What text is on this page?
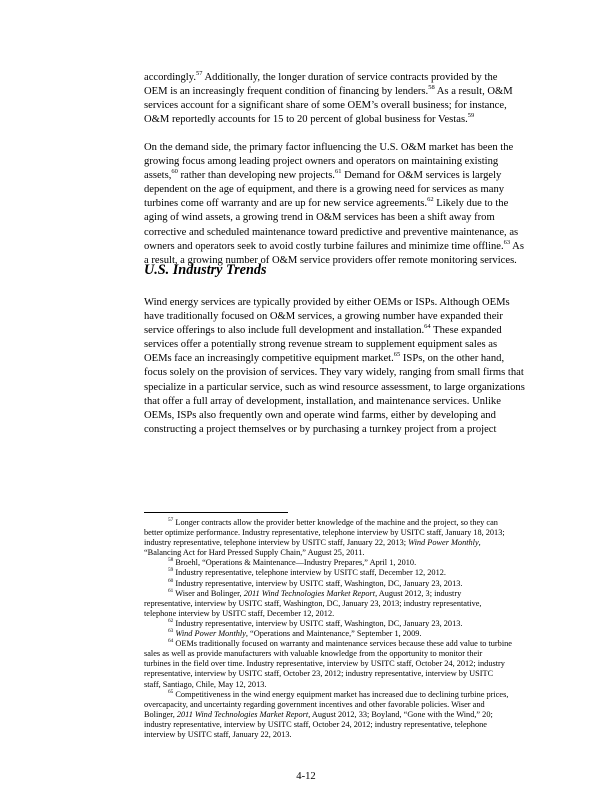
accordingly.$^{57}$ Additionally, the longer duration of service contracts provided by the
OEM is an increasingly frequent condition of financing by lenders.$^{58}$ As a result, O&M
services account for a significant share of some OEM’s overall business; for instance,
O&M reportedly accounts for 15 to 20 percent of global business for Vestas.$^{59}$
On the demand side, the primary factor influencing the U.S. O&M market has been the
growing focus among leading project owners and operators on maintaining existing
assets,$^{60}$ rather than developing new projects.$^{61}$ Demand for O&M services is largely
dependent on the age of equipment, and there is a growing need for services as many
turbines come off warranty and are up for new service agreements.$^{62}$ Likely due to the
aging of wind assets, a growing trend in O&M services has been a shift away from
corrective and scheduled maintenance toward predictive and preventive maintenance, as
owners and operators seek to avoid costly turbine failures and minimize time offline.$^{63}$ As
a result, a growing number of O&M service providers offer remote monitoring services.
U.S. Industry Trends
Wind energy services are typically provided by either OEMs or ISPs. Although OEMs
have traditionally focused on O&M services, a growing number have expanded their
service offerings to also include full development and installation.$^{64}$ These expanded
services offer a potentially strong revenue stream to supplement equipment sales as
OEMs face an increasingly competitive equipment market.$^{65}$ ISPs, on the other hand,
focus solely on the provision of services. They vary widely, ranging from small firms that
specialize in a particular service, such as wind resource assessment, to large organizations
that offer a full array of development, installation, and maintenance services. Unlike
OEMs, ISPs also frequently own and operate wind farms, either by developing and
constructing a project themselves or by purchasing a turnkey project from a project
$^{57}$ Longer contracts allow the provider better knowledge of the machine and the project, so they can
better optimize performance. Industry representative, telephone interview by USITC staff, January 18, 2013;
industry representative, telephone interview by USITC staff, January 22, 2013; Wind Power Monthly,
“Balancing Act for Hard Pressed Supply Chain,” August 25, 2011.
$^{58}$ Broehl, “Operations & Maintenance—Industry Prepares,” April 1, 2010.
$^{59}$ Industry representative, telephone interview by USITC staff, December 12, 2012.
$^{60}$ Industry representative, interview by USITC staff, Washington, DC, January 23, 2013.
$^{61}$ Wiser and Bolinger, 2011 Wind Technologies Market Report, August 2012, 3; industry
representative, interview by USITC staff, Washington, DC, January 23, 2013; industry representative,
telephone interview by USITC staff, December 12, 2012.
$^{62}$ Industry representative, interview by USITC staff, Washington, DC, January 23, 2013.
$^{63}$ Wind Power Monthly, “Operations and Maintenance,” September 1, 2009.
$^{64}$ OEMs traditionally focused on warranty and maintenance services because these add value to turbine
sales as well as provide manufacturers with valuable knowledge from the opportunity to monitor their
turbines in the field over time. Industry representative, interview by USITC staff, October 24, 2012; industry
representative, interview by USITC staff, October 23, 2012; industry representative, interview by USITC
staff, Santiago, Chile, May 12, 2013.
$^{65}$ Competitiveness in the wind energy equipment market has increased due to declining turbine prices,
overcapacity, and uncertainty regarding government incentives and other favorable policies. Wiser and
Bolinger, 2011 Wind Technologies Market Report, August 2012, 33; Boyland, “Gone with the Wind,” 20;
industry representative, interview by USITC staff, October 24, 2012; industry representative, telephone
interview by USITC staff, January 22, 2013.
4-12
